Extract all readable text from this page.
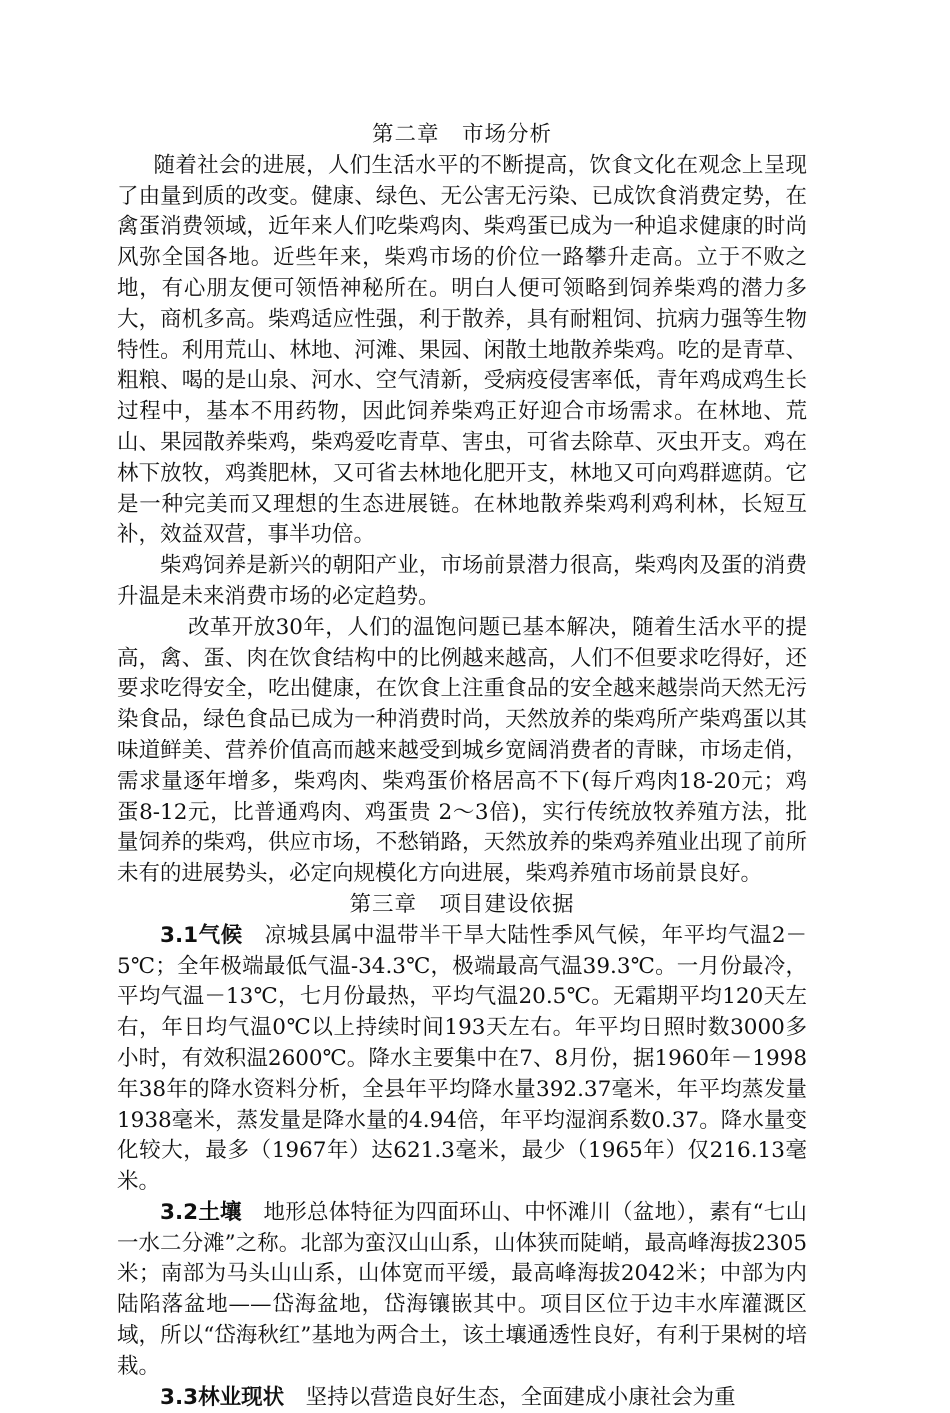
第二章　市场分析

随着社会的进展，人们生活水平的不断提高，饮食文化在观念上呈现了由量到质的改变。健康、绿色、无公害无污染、已成饮食消费定势，在禽蛋消费领域，近年来人们吃柴鸡肉、柴鸡蛋已成为一种追求健康的时尚风弥全国各地。近些年来，柴鸡市场的价位一路攀升走高。立于不败之地，有心朋友便可领悟神秘所在。明白人便可领略到饲养柴鸡的潜力多大，商机多高。柴鸡适应性强，利于散养，具有耐粗饲、抗病力强等生物特性。利用荒山、林地、河滩、果园、闲散土地散养柴鸡。吃的是青草、粗粮、喝的是山泉、河水、空气清新，受病疫侵害率低，青年鸡成鸡生长过程中，基本不用药物，因此饲养柴鸡正好迎合市场需求。在林地、荒山、果园散养柴鸡，柴鸡爱吃青草、害虫，可省去除草、灭虫开支。鸡在林下放牧，鸡粪肥林，又可省去林地化肥开支，林地又可向鸡群遮荫。它是一种完美而又理想的生态进展链。在林地散养柴鸡利鸡利林，长短互补，效益双营，事半功倍。

柴鸡饲养是新兴的朝阳产业，市场前景潜力很高，柴鸡肉及蛋的消费升温是未来消费市场的必定趋势。

改革开放30年，人们的温饱问题已基本解决，随着生活水平的提高，禽、蛋、肉在饮食结构中的比例越来越高，人们不但要求吃得好，还要求吃得安全，吃出健康，在饮食上注重食品的安全越来越崇尚天然无污染食品，绿色食品已成为一种消费时尚，天然放养的柴鸡所产柴鸡蛋以其味道鲜美、营养价值高而越来越受到城乡宽阔消费者的青睐，市场走俏，需求量逐年增多，柴鸡肉、柴鸡蛋价格居高不下(每斤鸡肉18-20元；鸡蛋8-12元，比普通鸡肉、鸡蛋贵 2～3倍)，实行传统放牧养殖方法，批量饲养的柴鸡，供应市场，不愁销路，天然放养的柴鸡养殖业出现了前所未有的进展势头，必定向规模化方向进展，柴鸡养殖市场前景良好。

第三章　项目建设依据

3.1气候　凉城县属中温带半干旱大陆性季风气候，年平均气温2－5℃；全年极端最低气温-34.3℃，极端最高气温39.3℃。一月份最冷，平均气温－13℃，七月份最热，平均气温20.5℃。无霜期平均120天左右，年日均气温0℃以上持续时间193天左右。年平均日照时数3000多小时，有效积温2600℃。降水主要集中在7、8月份，据1960年－1998年38年的降水资料分析，全县年平均降水量392.37毫米，年平均蒸发量1938毫米，蒸发量是降水量的4.94倍，年平均湿润系数0.37。降水量变化较大，最多（1967年）达621.3毫米，最少（1965年）仅216.13毫米。

3.2土壤　地形总体特征为四面环山、中怀滩川（盆地），素有“七山一水二分滩”之称。北部为蛮汉山山系，山体狭而陡峭，最高峰海拔2305米；南部为马头山山系，山体宽而平缓，最高峰海拔2042米；中部为内陆陷落盆地——岱海盆地，岱海镶嵌其中。项目区位于边丰水库灌溉区域，所以“岱海秋红”基地为两合土，该土壤通透性良好，有利于果树的培栽。

3.3林业现状　坚持以营造良好生态，全面建成小康社会为重
